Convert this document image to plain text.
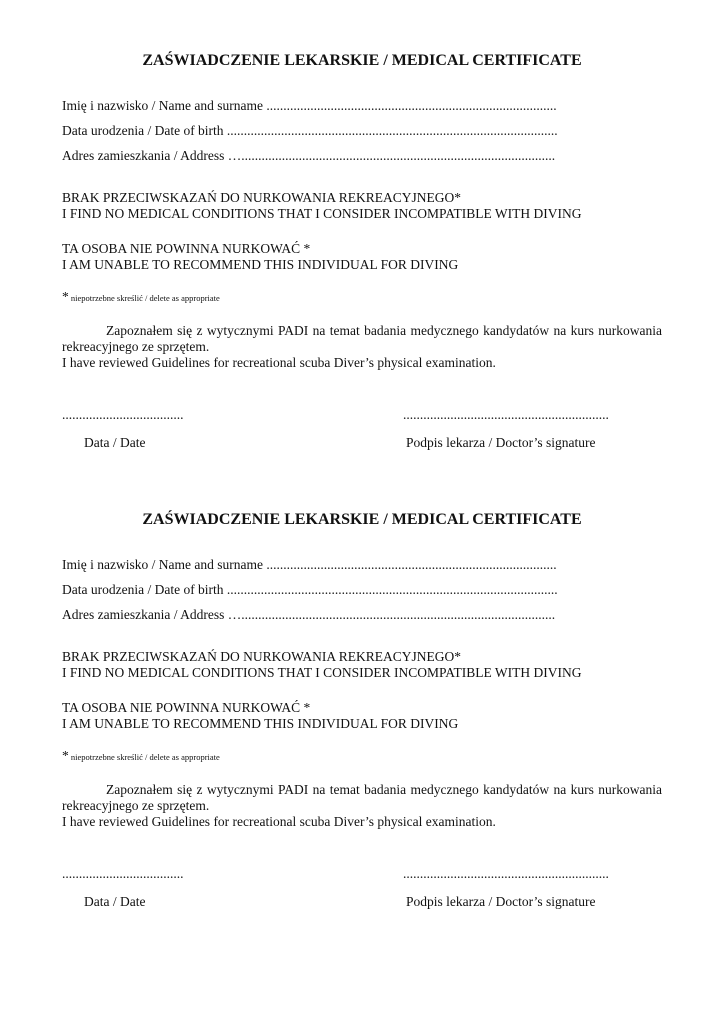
ZAŚWIADCZENIE LEKARSKIE / MEDICAL CERTIFICATE
Imię i nazwisko / Name and surname ......................................................................................
Data urodzenia / Date of birth ..................................................................................................
Adres zamieszkania / Address ….............................................................................................
BRAK PRZECIWSKAZAŃ DO NURKOWANIA REKREACYJNEGO*
I FIND NO MEDICAL CONDITIONS THAT I CONSIDER INCOMPATIBLE WITH DIVING
TA OSOBA NIE POWINNA NURKOWAĆ *
I AM UNABLE TO RECOMMEND THIS INDIVIDUAL FOR DIVING
* niepotrzebne skreślić / delete as appropriate
Zapoznałem się z wytycznymi PADI na temat badania medycznego kandydatów na kurs nurkowania rekreacyjnego ze sprzętem.
I have reviewed Guidelines for recreational scuba Diver’s physical examination.
....................................	.............................................................
Data / Date	Podpis lekarza / Doctor’s signature
ZAŚWIADCZENIE LEKARSKIE / MEDICAL CERTIFICATE
Imię i nazwisko / Name and surname ......................................................................................
Data urodzenia / Date of birth ..................................................................................................
Adres zamieszkania / Address ….............................................................................................
BRAK PRZECIWSKAZAŃ DO NURKOWANIA REKREACYJNEGO*
I FIND NO MEDICAL CONDITIONS THAT I CONSIDER INCOMPATIBLE WITH DIVING
TA OSOBA NIE POWINNA NURKOWAĆ *
I AM UNABLE TO RECOMMEND THIS INDIVIDUAL FOR DIVING
* niepotrzebne skreślić / delete as appropriate
Zapoznałem się z wytycznymi PADI na temat badania medycznego kandydatów na kurs nurkowania rekreacyjnego ze sprzętem.
I have reviewed Guidelines for recreational scuba Diver’s physical examination.
....................................	.............................................................
Data / Date	Podpis lekarza / Doctor’s signature
